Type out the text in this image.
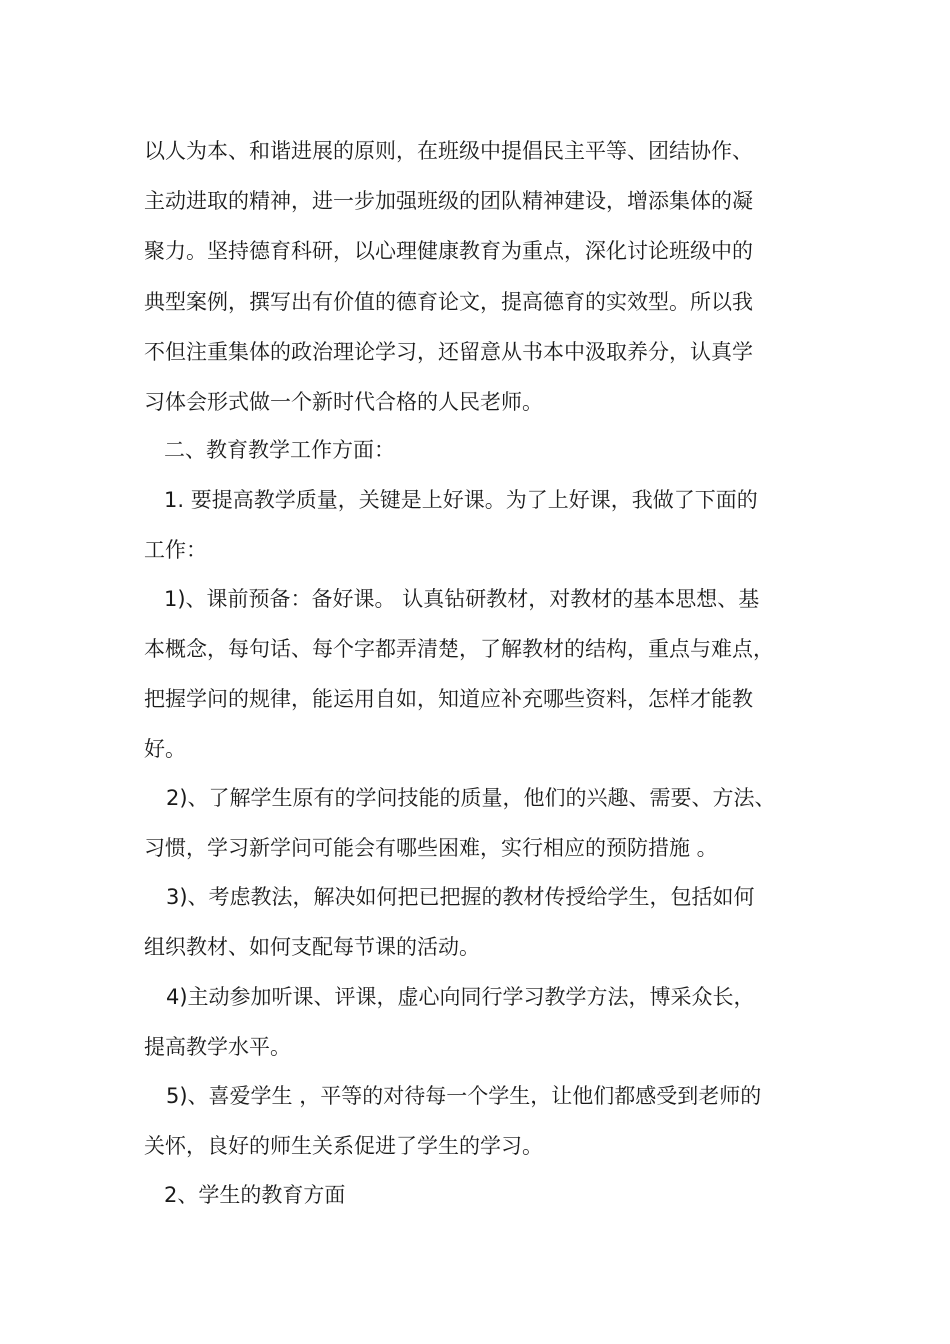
以人为本、和谐进展的原则，在班级中提倡民主平等、团结协作、
主动进取的精神，进一步加强班级的团队精神建设，增添集体的凝
聚力。坚持德育科研，以心理健康教育为重点，深化讨论班级中的
典型案例，撰写出有价值的德育论文，提高德育的实效型。所以我
不但注重集体的政治理论学习，还留意从书本中汲取养分，认真学
习体会形式做一个新时代合格的人民老师。
二、教育教学工作方面：
1. 要提高教学质量，关键是上好课。为了上好课，我做了下面的
工作：
1)、课前预备：备好课。 认真钻研教材，对教材的基本思想、基
本概念，每句话、每个字都弄清楚，了解教材的结构，重点与难点，
把握学问的规律，能运用自如，知道应补充哪些资料，怎样才能教
好。
2)、了解学生原有的学问技能的质量，他们的兴趣、需要、方法、
习惯，学习新学问可能会有哪些困难，实行相应的预防措施 。
3)、考虑教法，解决如何把已把握的教材传授给学生，包括如何
组织教材、如何支配每节课的活动。
4)主动参加听课、评课，虚心向同行学习教学方法，博采众长，
提高教学水平。
5)、喜爱学生 ，平等的对待每一个学生，让他们都感受到老师的
关怀，良好的师生关系促进了学生的学习。
2、学生的教育方面
